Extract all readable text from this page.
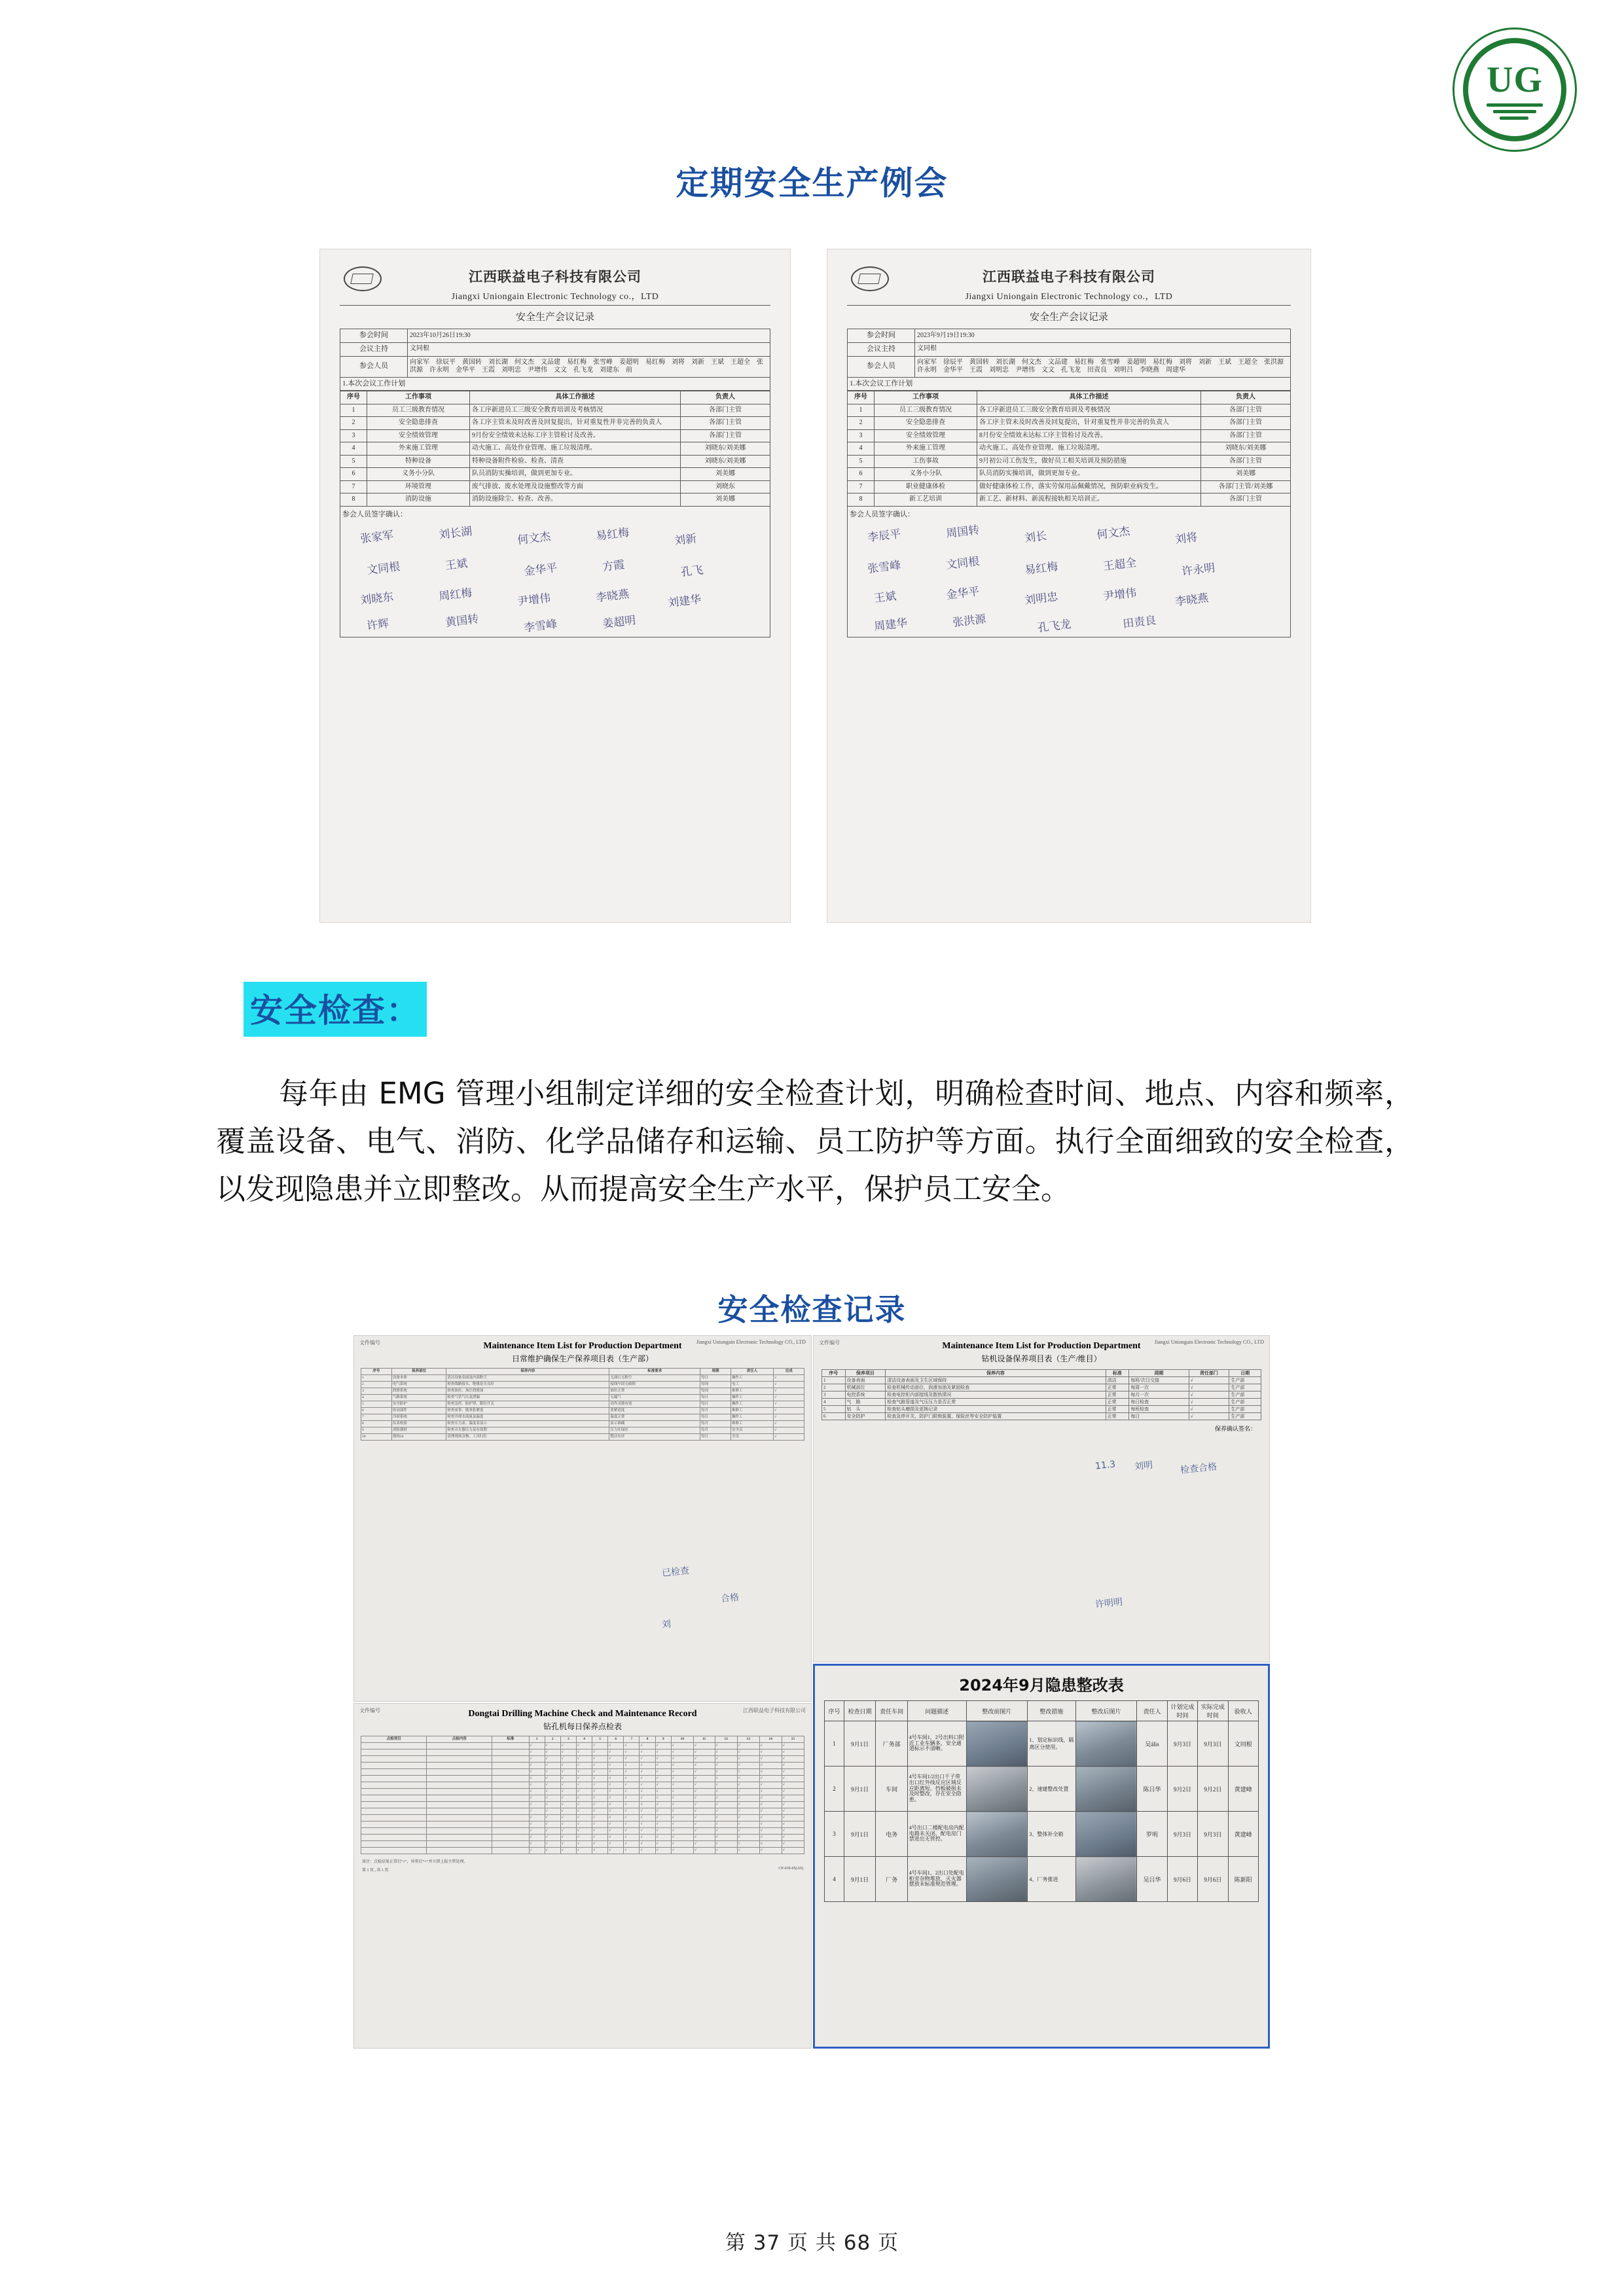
UG
定期安全生产例会
江西联益电子科技有限公司
Jiangxi Uniongain Electronic Technology co.，LTD
安全生产会议记录
参会时间	2023年10月26日19:30
会议主持	文同根
参会人员	向家军　徐辰平　黄国转　刘长湖　何文杰　文品建　易红梅　张雪峰　姜超明　易红梅　刘将　刘新　王斌　王超全　张洪源　许永明　金华平　王霞　刘明忠　尹增伟　文文　孔飞龙　刘建东　前
1.本次会议工作计划	
序号	工作事项	具体工作描述	负责人
1	员工三级教育情况	各工序新进员工三级安全教育培训及考核情况	各部门主管
2	安全隐患排查	各工序主管未及时改善及回复提出，针对重复性并非完善的负责人	各部门主管
3	安全绩效管理	9月份安全绩效未达标工序主管检讨及改善。	各部门主管
4	外来施工管理	动火施工、高处作业管理、施工垃圾清理。	刘晓东/刘美娜
5	特种设备	特种设备附件检验、检查、清查	刘晓东/刘美娜
6	义务小分队	队员消防实操培训，做到更加专业。	刘美娜
7	环境管理	废气排放、废水处理及设施整改等方面	刘晓东
8	消防设施	消防设施除尘、检查、改善。	刘美娜
参会人员签字确认：
张家军	刘长湖	何文杰	易红梅	刘新
文同根	王斌	金华平	方霞	孔飞
刘晓东	周红梅	尹增伟	李晓燕	刘建华
许辉	黄国转	李雪峰	姜超明
江西联益电子科技有限公司
Jiangxi Uniongain Electronic Technology co.，LTD
安全生产会议记录
参会时间	2023年9月19日19:30
会议主持	文同根
参会人员	向家军　徐辰平　黄国转　刘长湖　何文杰　文品建　易红梅　张雪峰　姜超明　易红梅　刘将　刘新　王斌　王超全　张洪源　许永明　金华平　王霞　刘明忠　尹增伟　文文　孔飞龙　田责良　刘明吕　李晓燕　周建华
1.本次会议工作计划	
序号	工作事项	具体工作描述	负责人
1	员工三级教育情况	各工序新进员工三级安全教育培训及考核情况	各部门主管
2	安全隐患排查	各工序主管未及时改善及回复提出，针对重复性并非完善的负责人	各部门主管
3	安全绩效管理	8月份安全绩效未达标工序主管检讨及改善。	各部门主管
4	外来施工管理	动火施工、高处作业管理、施工垃圾清理。	刘晓东/刘美娜
5	工伤事故	9月初公司工伤发生，做好员工相关培训及预防措施	各部门主管
6	义务小分队	队员消防实操培训，做到更加专业。	刘美娜
7	职业健康体检	做好健康体检工作，落实劳保用品佩戴情况，预防职业病发生。	各部门主管/刘美娜
8	新工艺培训	新工艺、新材料、新流程接轨相关培训正。	各部门主管
参会人员签字确认：
李辰平	周国转	刘长	何文杰	刘将
张雪峰	文同根	易红梅	王超全	许永明
王斌	金华平	刘明忠	尹增伟	李晓燕
周建华	张洪源	孔飞龙	田责良
安全检查：
每年由 EMG 管理小组制定详细的安全检查计划，明确检查时间、地点、内容和频率，覆盖设备、电气、消防、化学品储存和运输、员工防护等方面。执行全面细致的安全检查，以发现隐患并立即整改。从而提高安全生产水平，保护员工安全。
安全检查记录
文件编号	Jiangxi Uniongain Electronic Technology CO., LTD
Maintenance Item List for Production Department
日常维护确保生产保养项目表（生产部）
序号	保养部位	保养内容	标准要求	周期	责任人	完成
1	设备本体	清洁设备表面及内部粉尘	无油污无粉尘	每日	操作工	√
2	电气系统	检查线路接头、绝缘是否良好	接线牢固无破损	每周	电工	√
3	润滑系统	检查油位、加注润滑油	油位正常	每周	维修工	√
4	气路系统	检查气管气压及泄漏	无漏气	每日	操作工	√
5	安全防护	检查急停、防护罩、限位开关	动作灵敏有效	每日	操作工	√
6	传动部件	检查皮带、链条张紧度	张紧适度	每月	维修工	√
7	冷却系统	检查冷却水流量及温度	温度正常	每日	操作工	√
8	仪表校验	检查压力表、温度表显示	显示准确	每月	维修工	√
9	消防器材	检查灭火器压力及有效期	压力在绿区	每月	安全员	√
10	现场5S	清理现场杂物、工具归位	整洁有序	每日	全员	√
已检查
合格
刘
文件编号	Jiangxi Uniongain Electronic Technology CO., LTD
Maintenance Item List for Production Department
钻机设备保养项目表（生产/维目）
序号	保养项目	保养内容	标准	周期	责任部门	日期
1	设备表面	清洁设备表面及卫生区域保持	清洁	每班/次日交接	√	生产部
2	机械部位	检查机械传动部位，润滑加油及紧固检查	正常	每周一次	√	生产部
3	电控系统	检查电控柜内部接线及散热情况	正常	每月一次	√	生产部
4	气　路	检查气路管道及气压压力是否正常	正常	每日检查	√	生产部
5	钻　头	检查钻头磨损及更换记录	正常	每班检查	√	生产部
6	安全防护	检查急停开关、防护门联锁装置、保险丝等安全防护装置	正常	每日	√	生产部
保养确认签名：
11.3 刘明	检查合格
许明明
文件编号	江西联益电子科技有限公司
Dongtai Drilling Machine Check and Maintenance Record
钻孔机每日保养点检表
点检项目	点检内容	标准	1	2	3	4	5	6	7	8	9	10	11	12	13	14	15
			√	√	√	√	√	√	√	√	√	√	√	√	√	√	√
			√	√	√	√	√	√	√	√	√	√	√	√	√	√	√
			√	√	√	√	√	√	√	√	√	√	√	√	√	√	√
			√	√	√	√	√	√	√	√	√	√	√	√	√	√	√
			√	√	√	√	√	√	√	√	√	√	√	√	√	√	√
			√	√	√	√	√	√	√	√	√	√	√	√	√	√	√
			√	√	√	√	√	√	√	√	√	√	√	√	√	√	√
			√	√	√	√	√	√	√	√	√	√	√	√	√	√	√
			√	√	√	√	√	√	√	√	√	√	√	√	√	√	√
			√	√	√	√	√	√	√	√	√	√	√	√	√	√	√
			√	√	√	√	√	√	√	√	√	√	√	√	√	√	√
			√	√	√	√	√	√	√	√	√	√	√	√	√	√	√
			√	√	√	√	√	√	√	√	√	√	√	√	√	√	√
			√	√	√	√	√	√	√	√	√	√	√	√	√	√	√
			√	√	√	√	√	√	√	√	√	√	√	√	√	√	√
			√	√	√	√	√	√	√	√	√	√	√	√	√	√	√
			√	√	√	√	√	√	√	√	√	√	√	√	√	√	√
备注：点检结果正常打“√”，异常打“×”并立即上报主管处理。
第 1 页 , 共 1 页	CP-030-05(A0)
2024年9月隐患整改表
序号	检查日期	责任车间	问题描述	整改前图片	整改措施	整改后图片	责任人	计划完成时间	实际完成时间	验收人
1	9月1日	厂务部	4号车间1，2号出料口附近工业车辆多，安全通道标示不清晰。		1、划定标识线，隔离区分使用。		吴ális	9月3日	9月3日	文同根
2	9月1日	车间	4号车间1/2出口千子带出口红外线反应区域反应距离短，挡板破损未及时整改，存在安全隐患。		2、速建整改处置		陈吕华	9月2日	9月2日	黄建峰
3	9月1日	电务	4号出口二楼配电房内配电箱未关闭，配电房门禁进出无管控。		3、整体补全箱		罗明	9月3日	9月3日	黄建峰
4	9月1日	厂务	4号车间1、2出口处配电柜旁杂物堆放，灭火器摆放未标准规范管理。		4、厂务推进		吴吕华	9月6日	9月6日	陈新阳
第 37 页 共 68 页
